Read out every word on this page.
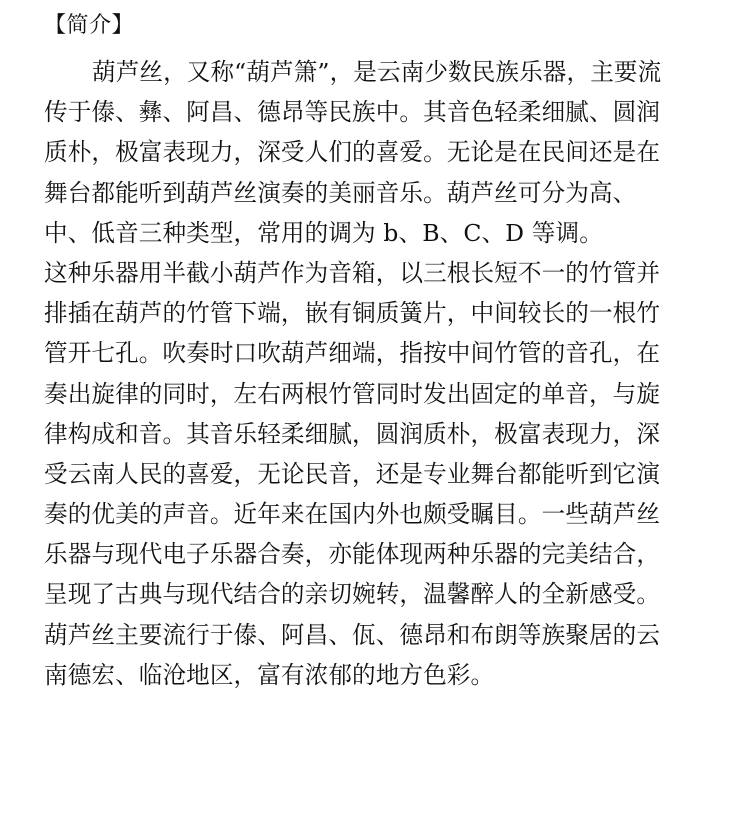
【简介】
葫芦丝，又称“葫芦箫”，是云南少数民族乐器，主要流
传于傣、彝、阿昌、德昂等民族中。其音色轻柔细腻、圆润
质朴，极富表现力，深受人们的喜爱。无论是在民间还是在
舞台都能听到葫芦丝演奏的美丽音乐。葫芦丝可分为高、
中、低音三种类型，常用的调为 b、B、C、D 等调。
这种乐器用半截小葫芦作为音箱，以三根长短不一的竹管并
排插在葫芦的竹管下端，嵌有铜质簧片，中间较长的一根竹
管开七孔。吹奏时口吹葫芦细端，指按中间竹管的音孔，在
奏出旋律的同时，左右两根竹管同时发出固定的单音，与旋
律构成和音。其音乐轻柔细腻，圆润质朴，极富表现力，深
受云南人民的喜爱，无论民音，还是专业舞台都能听到它演
奏的优美的声音。近年来在国内外也颇受瞩目。一些葫芦丝
乐器与现代电子乐器合奏，亦能体现两种乐器的完美结合，
呈现了古典与现代结合的亲切婉转，温馨醉人的全新感受。
葫芦丝主要流行于傣、阿昌、佤、德昂和布朗等族聚居的云
南德宏、临沧地区，富有浓郁的地方色彩。
